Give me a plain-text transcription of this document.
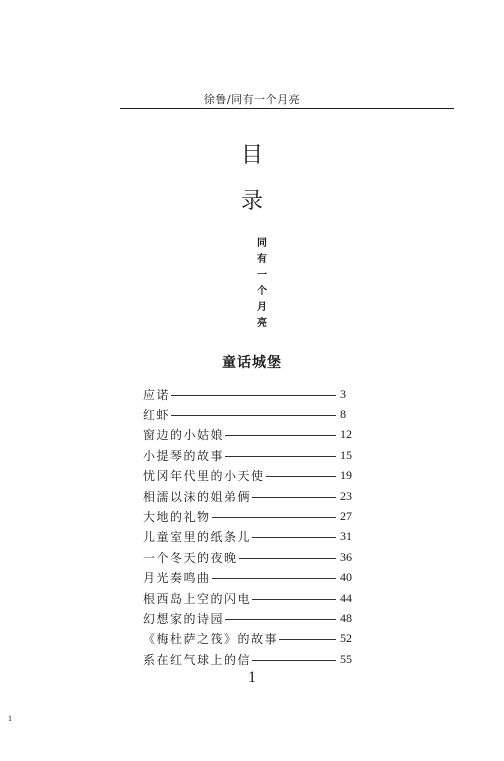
徐鲁/同有一个月亮
目
录
同
有
一
个
月
亮
童话城堡
应诺	3
红虾	8
窗边的小姑娘	12
小提琴的故事	15
忧冈年代里的小天使	19
相濡以沫的姐弟俩	23
大地的礼物	27
儿童室里的纸条儿	31
一个冬天的夜晚	36
月光奏鸣曲	40
根西岛上空的闪电	44
幻想家的诗园	48
《梅杜萨之筏》的故事	52
系在红气球上的信	55
1
1
